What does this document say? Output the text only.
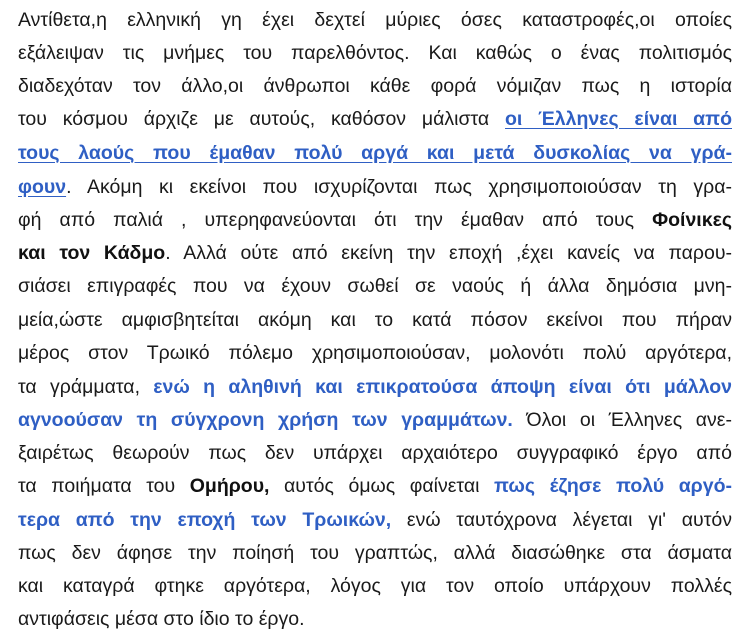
Αντίθετα,η ελληνική γη έχει δεχτεί μύριες όσες καταστροφές,οι οποίες
εξάλειψαν τις μνήμες του παρελθόντος. Και καθώς ο ένας πολιτισμός
διαδεχόταν τον άλλο,οι άνθρωποι κάθε φορά νόμιζαν πως η ιστορία
του κόσμου άρχιζε με αυτούς, καθόσον μάλιστα οι Έλληνες είναι από
τους λαούς που έμαθαν πολύ αργά και μετά δυσκολίας να γρά-
φουν. Ακόμη κι εκείνοι που ισχυρίζονται πως χρησιμοποιούσαν τη γρα-
φή από παλιά , υπερηφανεύονται ότι την έμαθαν από τους Φοίνικες
και τον Κάδμο. Αλλά ούτε από εκείνη την εποχή ,έχει κανείς να παρου-
σιάσει επιγραφές που να έχουν σωθεί σε ναούς ή άλλα δημόσια μνη-
μεία,ώστε αμφισβητείται ακόμη και το κατά πόσον εκείνοι που πήραν
μέρος στον Τρωικό πόλεμο χρησιμοποιούσαν, μολονότι πολύ αργότερα,
τα γράμματα, ενώ η αληθινή και επικρατούσα άποψη είναι ότι μάλλον
αγνοούσαν τη σύγχρονη χρήση των γραμμάτων. Όλοι οι Έλληνες ανε-
ξαιρέτως θεωρούν πως δεν υπάρχει αρχαιότερο συγγραφικό έργο από
τα ποιήματα του Ομήρου, αυτός όμως φαίνεται πως έζησε πολύ αργό-
τερα από την εποχή των Τρωικών, ενώ ταυτόχρονα λέγεται γι' αυτόν
πως δεν άφησε την ποίησή του γραπτώς, αλλά διασώθηκε στα άσματα
και καταγρά φτηκε αργότερα, λόγος για τον οποίο υπάρχουν πολλές
αντιφάσεις μέσα στο ίδιο το έργο.
